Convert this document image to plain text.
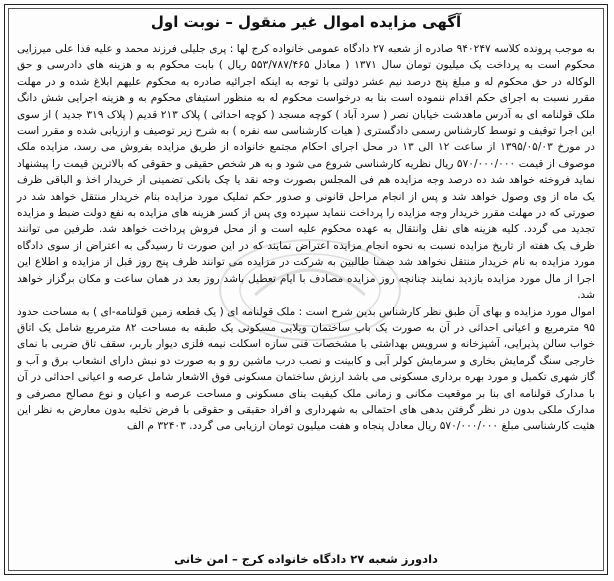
آگهی مزایده اموال غیر منقول – نوبت اول

به موجب پرونده کلاسه ۹۴۰۲۴۷ صادره از شعبه ۲۷ دادگاه عمومی خانواده کرج لها : پری جلیلی فرزند محمد و علیه فدا علی میرزایی محکوم است به پرداخت یک میلیون تومان سال ۱۳۷۱ ( معادل ۵۵۳/۷۸۷/۴۶۵ ریال ) بابت محکوم به و هزینه های دادرسی و حق الوکاله در حق محکوم له و مبلغ پنج درصد نیم عشر دولتی با توجه به اینکه اجرائیه صادره به محکوم علیهم ابلاغ شده و در مهلت مقرر نسبت به اجرای حکم اقدام ننموده است بنا به درخواست محکوم له به منظور استیفای محکوم به و هزینه اجرایی شش دانگ ملک قولنامه ای به آدرس ماهدشت خیابان نصر ( سرد آباد ) کوچه مسجد ( کوچه احداثی ) پلاک ۲۱۳ قدیم ( پلاک ۳۱۹ جدید ) از سوی این اجرا توقیف و توسط کارشناس رسمی دادگستری ( هیات کارشناسی سه نفره ) به شرح زیر توصیف و ارزیابی شده و مقرر است در مورخ ۱۳۹۵/۰۵/۰۳ از ساعت ۱۲ الی ۱۳ در محل اجرای احکام مجتمع خانواده از طریق مزایده بفروش می رسد، مزایده ملک موصوف از قیمت ۵۷۰/۰۰۰/۰۰۰ ریال نظریه کارشناسی شروع می شود و به هر شخص حقیقی و حقوقی که بالاترین قیمت را پیشنهاد نماید فروخته خواهد شد ده درصد وجه مزایده هم فی المجلس بصورت وجه نقد یا چک بانکی تضمینی از خریدار اخذ و الباقی ظرف یک ماه از وی وصول خواهد شد و پس از انجام مراحل قانونی و صدور حکم تملیک مورد مزایده بنام خریدار منتقل خواهد شد در صورتی که در مهلت مقرر خریدار وجه مزایده را پرداخت ننماید سپرده وی پس از کسر هزینه های مزایده به نفع دولت ضبط و مزایده تجدید می گردد. کلیه هزینه های نقل وانتقال به عهده محکوم علیه است و از محل فروش پرداخت خواهد شد. طرفین می توانند ظرف یک هفته از تاریخ مزایده نسبت به نحوه انجام مزایده اعتراض نمایند که در این صورت تا رسیدگی به اعتراض از سوی دادگاه مورد مزایده به نام خریدار منتقل نخواهد شد ضمنا طالبین به شرکت در مزایده می توانند ظرف پنج روز قبل از مزایده و اطلاع این اجرا از مال مورد مزایده بازدید نمایند چنانچه روز مزایده مصادف با ایام تعطیل باشد روز بعد در همان ساعت و مکان برگزار خواهد شد.

اموال مورد مزایده و بهای آن طبق نظر کارشناس بدین شرح است : ملک قولنامه ای ( یک قطعه زمین قولنامه-ای ) به مساحت حدود ۹۵ مترمربع و اعیانی احداثی در آن به صورت یک باب ساختمان ویلایی مسکونی یک طبقه به مساحت ۸۲ مترمربع شامل یک اتاق خواب سالن پذیرایی، آشپزخانه و سرویس بهداشتی با مشخصات فنی سازه اسکلت نیمه فلزی دیوار باربر، سقف تاق ضربی با نمای خارجی سنگ گرمایش بخاری و سرمایش کولر آبی و کابینت و نصب درب ماشین رو و به صورت دو نبش دارای انشعاب برق و آب و گاز شهری تکمیل و مورد بهره برداری مسکونی می باشد ارزش ساختمان مسکونی فوق الاشعار شامل عرصه و اعیانی احداثی در آن با مدارک قولنامه ای بنا بر موقعیت مکانی و زمانی ملک کیفیت بنای مسکونی و مساحت عرصه و اعیان و نوع مصالح مصرفی و مدارک ملکی بدون در نظر گرفتن بدهی های احتمالی به شهرداری و افراد حقیقی و حقوقی با فرض تخلیه بدون معارض به نظر این هئیت کارشناسی مبلغ ۵۷۰/۰۰۰/۰۰۰ ریال معادل پنجاه و هفت میلیون تومان ارزیابی می گردد. ۳۲۴۰۳ م الف

دادورز شعبه ۲۷ دادگاه خانواده کرج – امن خانی
